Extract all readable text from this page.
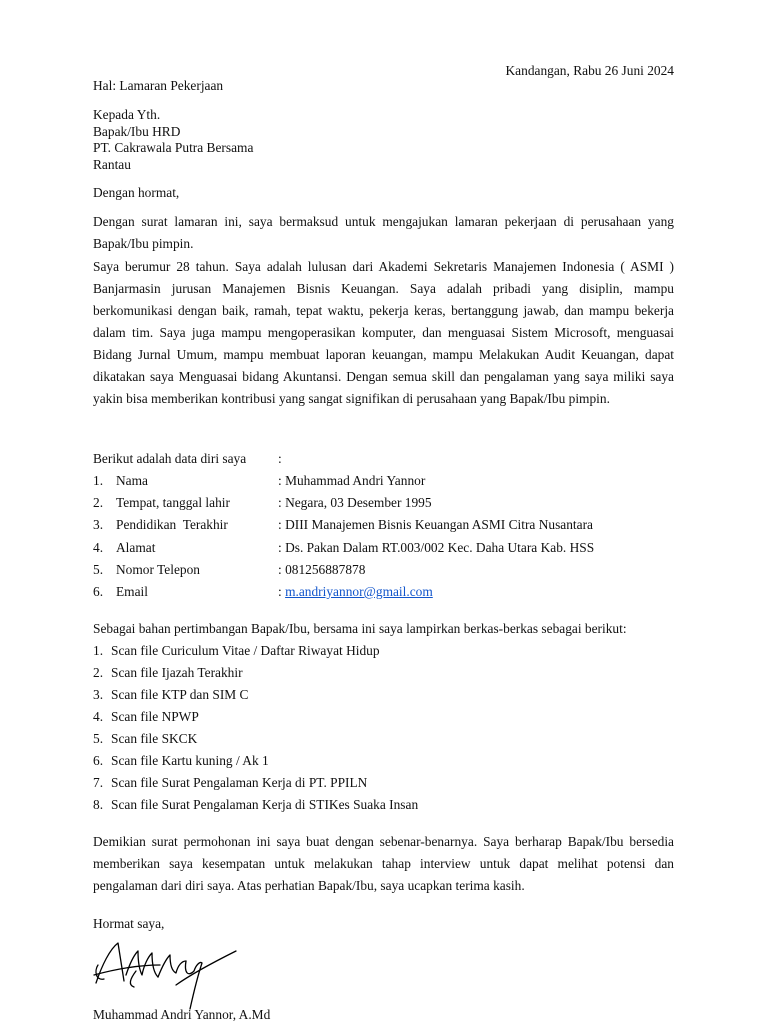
Kandangan, Rabu 26 Juni 2024
Hal: Lamaran Pekerjaan
Kepada Yth.
Bapak/Ibu HRD
PT. Cakrawala Putra Bersama
Rantau
Dengan hormat,
Dengan surat lamaran ini, saya bermaksud untuk mengajukan lamaran pekerjaan di perusahaan yang Bapak/Ibu pimpin.
Saya berumur 28 tahun. Saya adalah lulusan dari Akademi Sekretaris Manajemen Indonesia ( ASMI ) Banjarmasin jurusan Manajemen Bisnis Keuangan. Saya adalah pribadi yang disiplin, mampu berkomunikasi dengan baik, ramah, tepat waktu, pekerja keras, bertanggung jawab, dan mampu bekerja dalam tim. Saya juga mampu mengoperasikan komputer, dan menguasai Sistem Microsoft, menguasai Bidang Jurnal Umum, mampu membuat laporan keuangan, mampu Melakukan Audit Keuangan, dapat dikatakan saya Menguasai bidang Akuntansi. Dengan semua skill dan pengalaman yang saya miliki saya yakin bisa memberikan kontribusi yang sangat signifikan di perusahaan yang Bapak/Ibu pimpin.
Berikut adalah data diri saya :
1. Nama	: Muhammad Andri Yannor
2. Tempat, tanggal lahir	: Negara, 03 Desember 1995
3. Pendidikan  Terakhir	: DIII Manajemen Bisnis Keuangan ASMI Citra Nusantara
4. Alamat	: Ds. Pakan Dalam RT.003/002 Kec. Daha Utara Kab. HSS
5. Nomor Telepon	: 081256887878
6. Email	: m.andriyannor@gmail.com
Sebagai bahan pertimbangan Bapak/Ibu, bersama ini saya lampirkan berkas-berkas sebagai berikut:
1. Scan file Curiculum Vitae / Daftar Riwayat Hidup
2. Scan file Ijazah Terakhir
3. Scan file KTP dan SIM C
4. Scan file NPWP
5. Scan file SKCK
6. Scan file Kartu kuning / Ak 1
7. Scan file Surat Pengalaman Kerja di PT. PPILN
8. Scan file Surat Pengalaman Kerja di STIKes Suaka Insan
Demikian surat permohonan ini saya buat dengan sebenar-benarnya. Saya berharap Bapak/Ibu bersedia memberikan saya kesempatan untuk melakukan tahap interview untuk dapat melihat potensi dan pengalaman dari diri saya. Atas perhatian Bapak/Ibu, saya ucapkan terima kasih.
Hormat saya,
Muhammad Andri Yannor, A.Md
